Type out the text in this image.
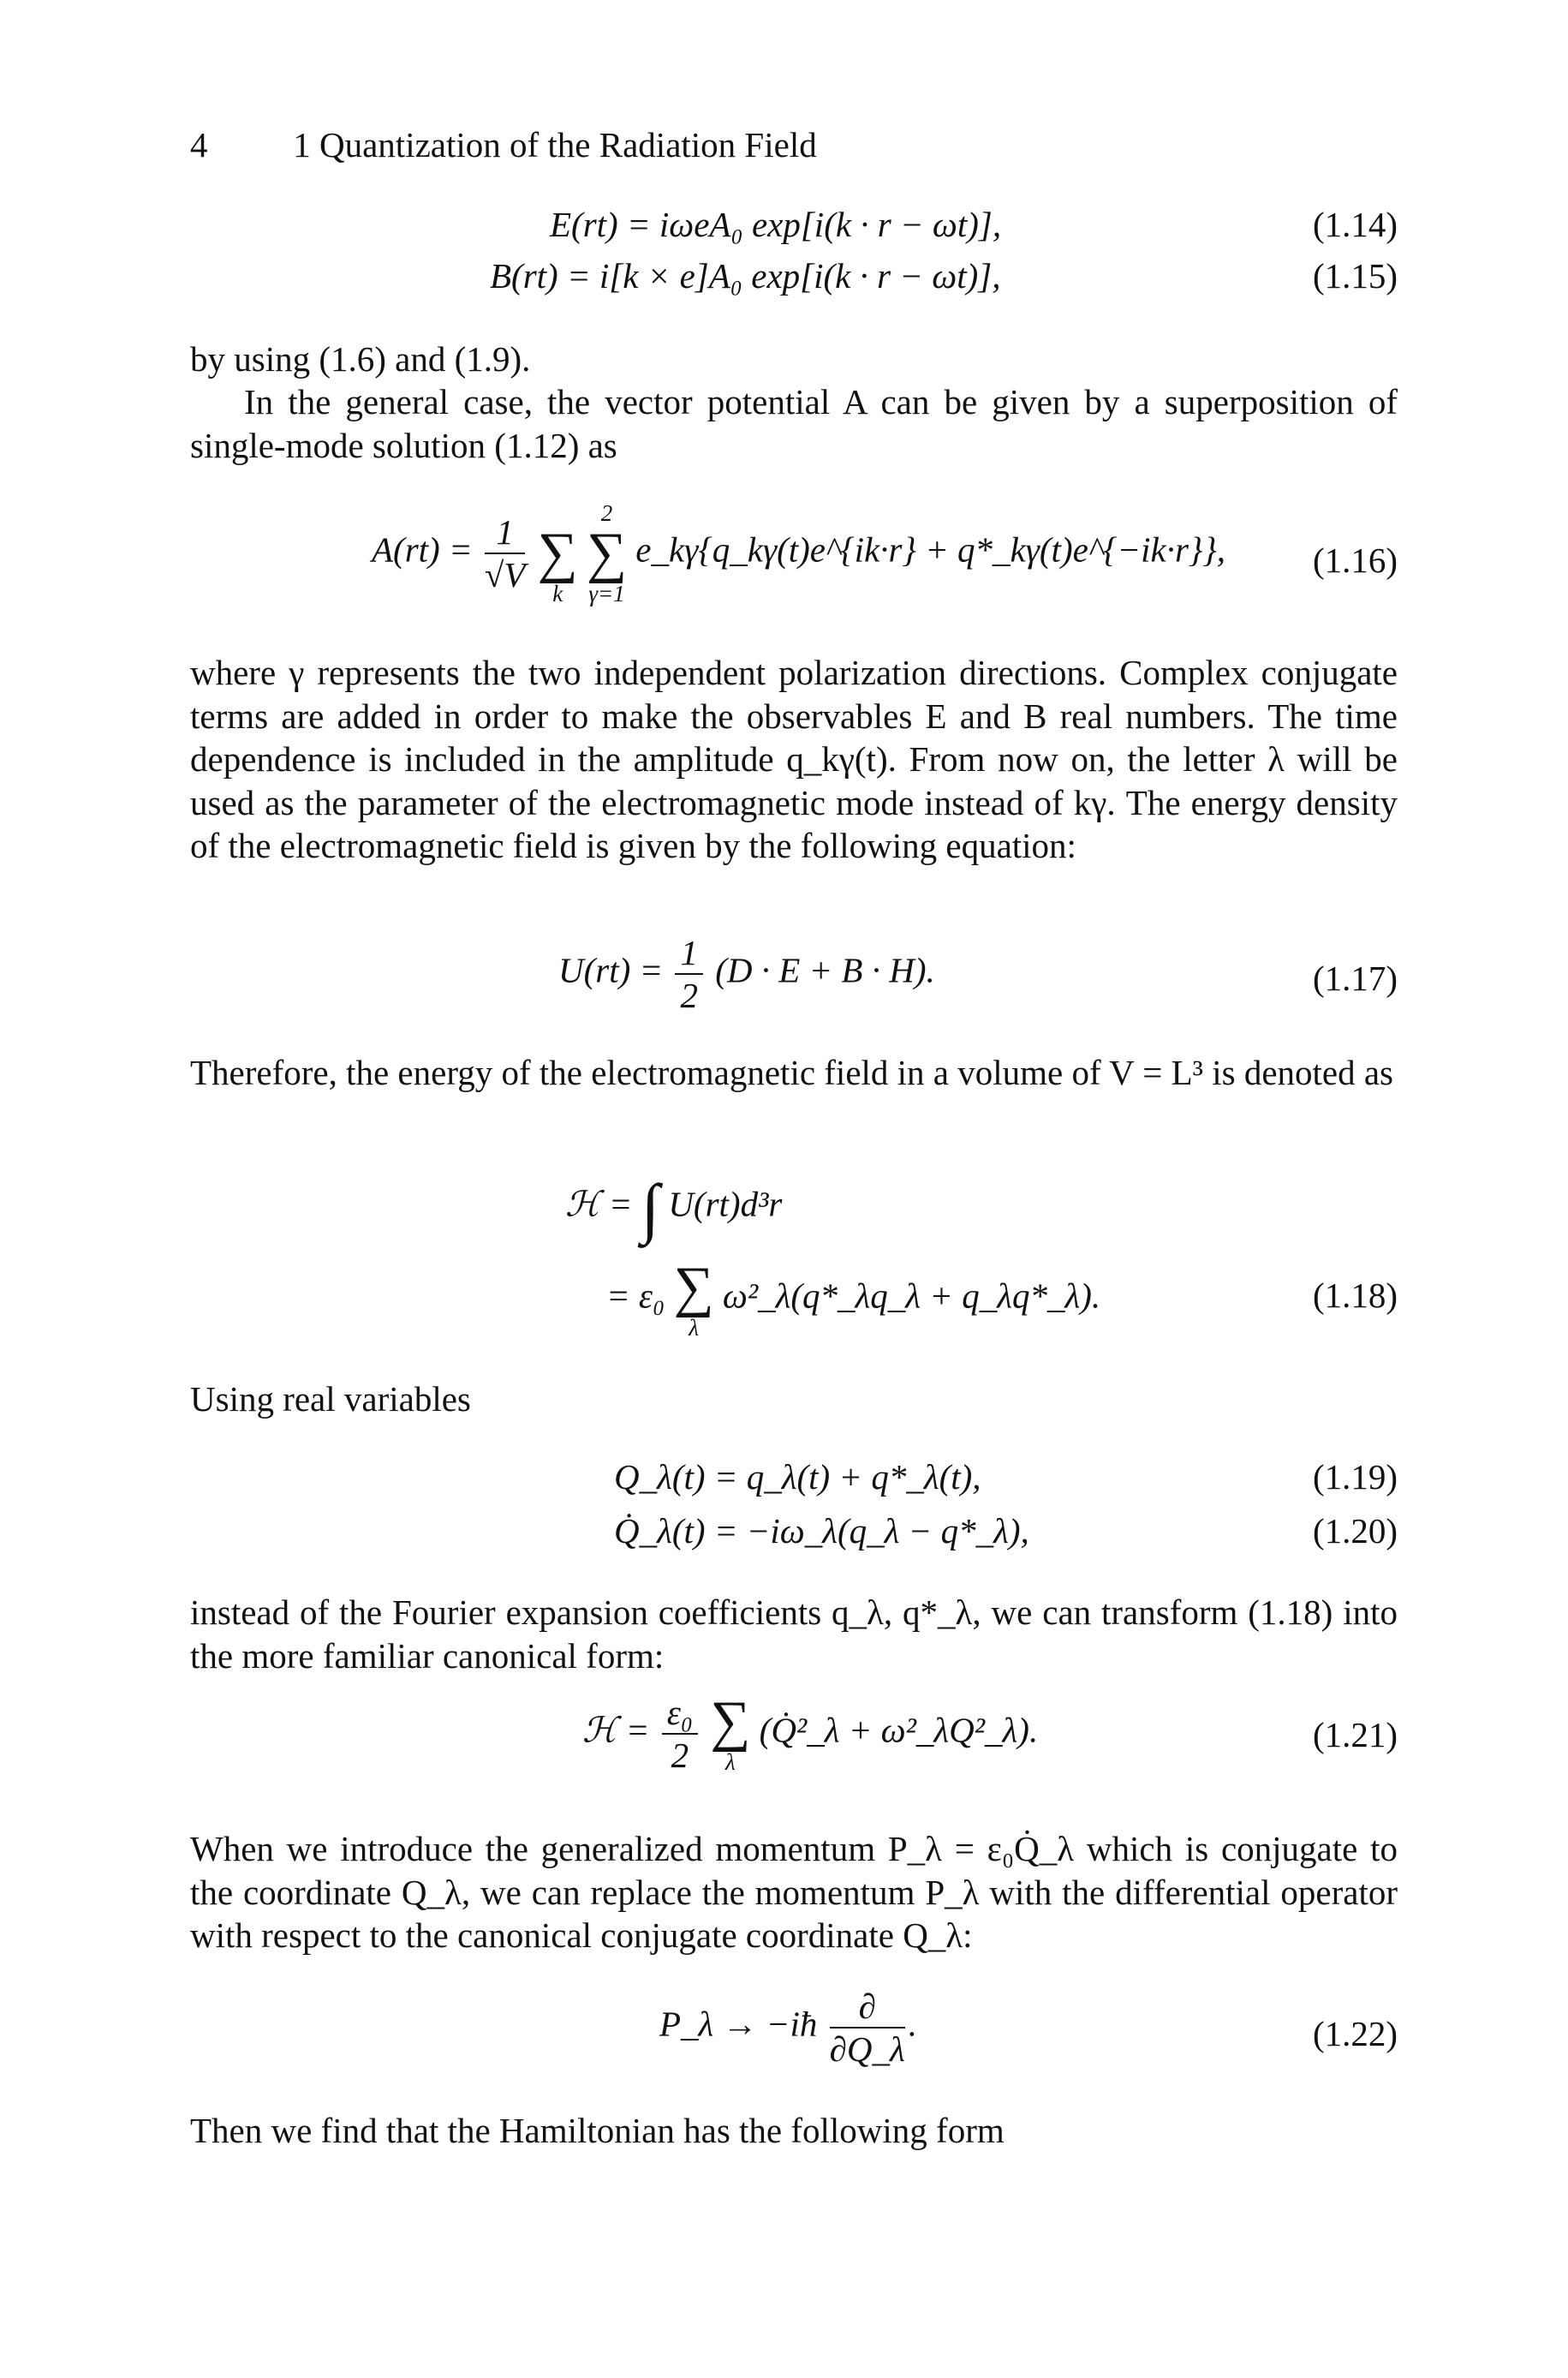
4 1 Quantization of the Radiation Field
E(rt) = iωeA₀ exp[i(k · r − ωt)],	(1.14)
B(rt) = i[k × e]A₀ exp[i(k · r − ωt)],	(1.15)
by using (1.6) and (1.9).
In the general case, the vector potential A can be given by a superposition of single-mode solution (1.12) as
$A(rt) = \frac{1}{√V}$
∑
k

2
∑
γ=1
e_kγ{q_kγ(t)e^{ik·r} + q*_kγ(t)e^{−ik·r}}, (1.16)
where γ represents the two independent polarization directions. Complex conjugate terms are added in order to make the observables E and B real numbers. The time dependence is included in the amplitude q_kγ(t). From now on, the letter λ will be used as the parameter of the electromagnetic mode instead of kγ. The energy density of the electromagnetic field is given by the following equation:
$U(rt) = \frac{1}{2} (D \cdot E + B \cdot H)$.	(1.17)
Therefore, the energy of the electromagnetic field in a volume of V = L³ is denoted as
ℋ = ∫ U(rt)d³r
= ε₀ ∑
λ
ω²_λ(q*_λq_λ + q_λq*_λ).	(1.18)
Using real variables
Q_λ(t) = q_λ(t) + q*_λ(t),	(1.19)
Q̇_λ(t) = −iω_λ(q_λ − q*_λ),	(1.20)
instead of the Fourier expansion coefficients q_λ, q*_λ, we can transform (1.18) into the more familiar canonical form:
ℋ = $\frac{\text{ε₀}}{2}$
∑
λ
(Q̇²_λ + ω²_λQ²_λ).	(1.21)
When we introduce the generalized momentum P_λ = ε₀Q̇_λ which is conjugate to the coordinate Q_λ, we can replace the momentum P_λ with the differential operator with respect to the canonical conjugate coordinate Q_λ:
P_λ → −iħ $\frac{\partial}{\partial Q\_\lambda}$ .	(1.22)
Then we find that the Hamiltonian has the following form
